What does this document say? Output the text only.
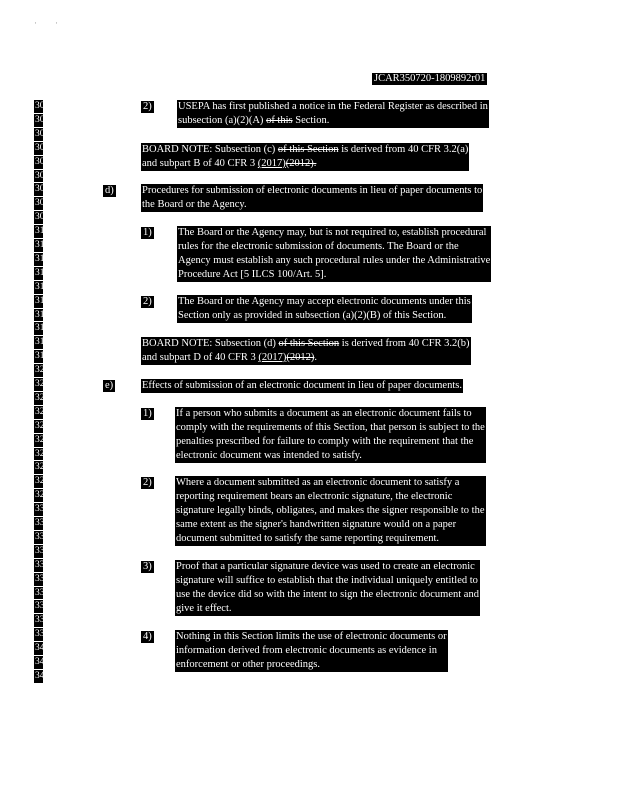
·        ·
JCAR350720-1809892r01
301
302
303
304
305
306
307
308
309
310
311
312
313
314
315
316
317
318
319
320
321
322
323
324
325
326
327
328
329
330
331
332
333
334
335
336
337
338
339
340
341
342
2)	USEPA has first published a notice in the Federal Register as described in
subsection (a)(2)(A) of this Section.
BOARD NOTE: Subsection (c) of this Section is derived from 40 CFR 3.2(a)
and subpart B of 40 CFR 3 (2017)(2012).
d)	Procedures for submission of electronic documents in lieu of paper documents to
the Board or the Agency.
1)	The Board or the Agency may, but is not required to, establish procedural
rules for the electronic submission of documents. The Board or the
Agency must establish any such procedural rules under the Administrative
Procedure Act [5 ILCS 100/Art. 5].
2)	The Board or the Agency may accept electronic documents under this
Section only as provided in subsection (a)(2)(B) of this Section.
BOARD NOTE: Subsection (d) of this Section is derived from 40 CFR 3.2(b)
and subpart D of 40 CFR 3 (2017)(2012).
e)	Effects of submission of an electronic document in lieu of paper documents.
1) If a person who submits a document as an electronic document fails to
comply with the requirements of this Section, that person is subject to the
penalties prescribed for failure to comply with the requirement that the
electronic document was intended to satisfy.
2) Where a document submitted as an electronic document to satisfy a
reporting requirement bears an electronic signature, the electronic
signature legally binds, obligates, and makes the signer responsible to the
same extent as the signer's handwritten signature would on a paper
document submitted to satisfy the same reporting requirement.
3) Proof that a particular signature device was used to create an electronic
signature will suffice to establish that the individual uniquely entitled to
use the device did so with the intent to sign the electronic document and
give it effect.
4) Nothing in this Section limits the use of electronic documents or
information derived from electronic documents as evidence in
enforcement or other proceedings.
